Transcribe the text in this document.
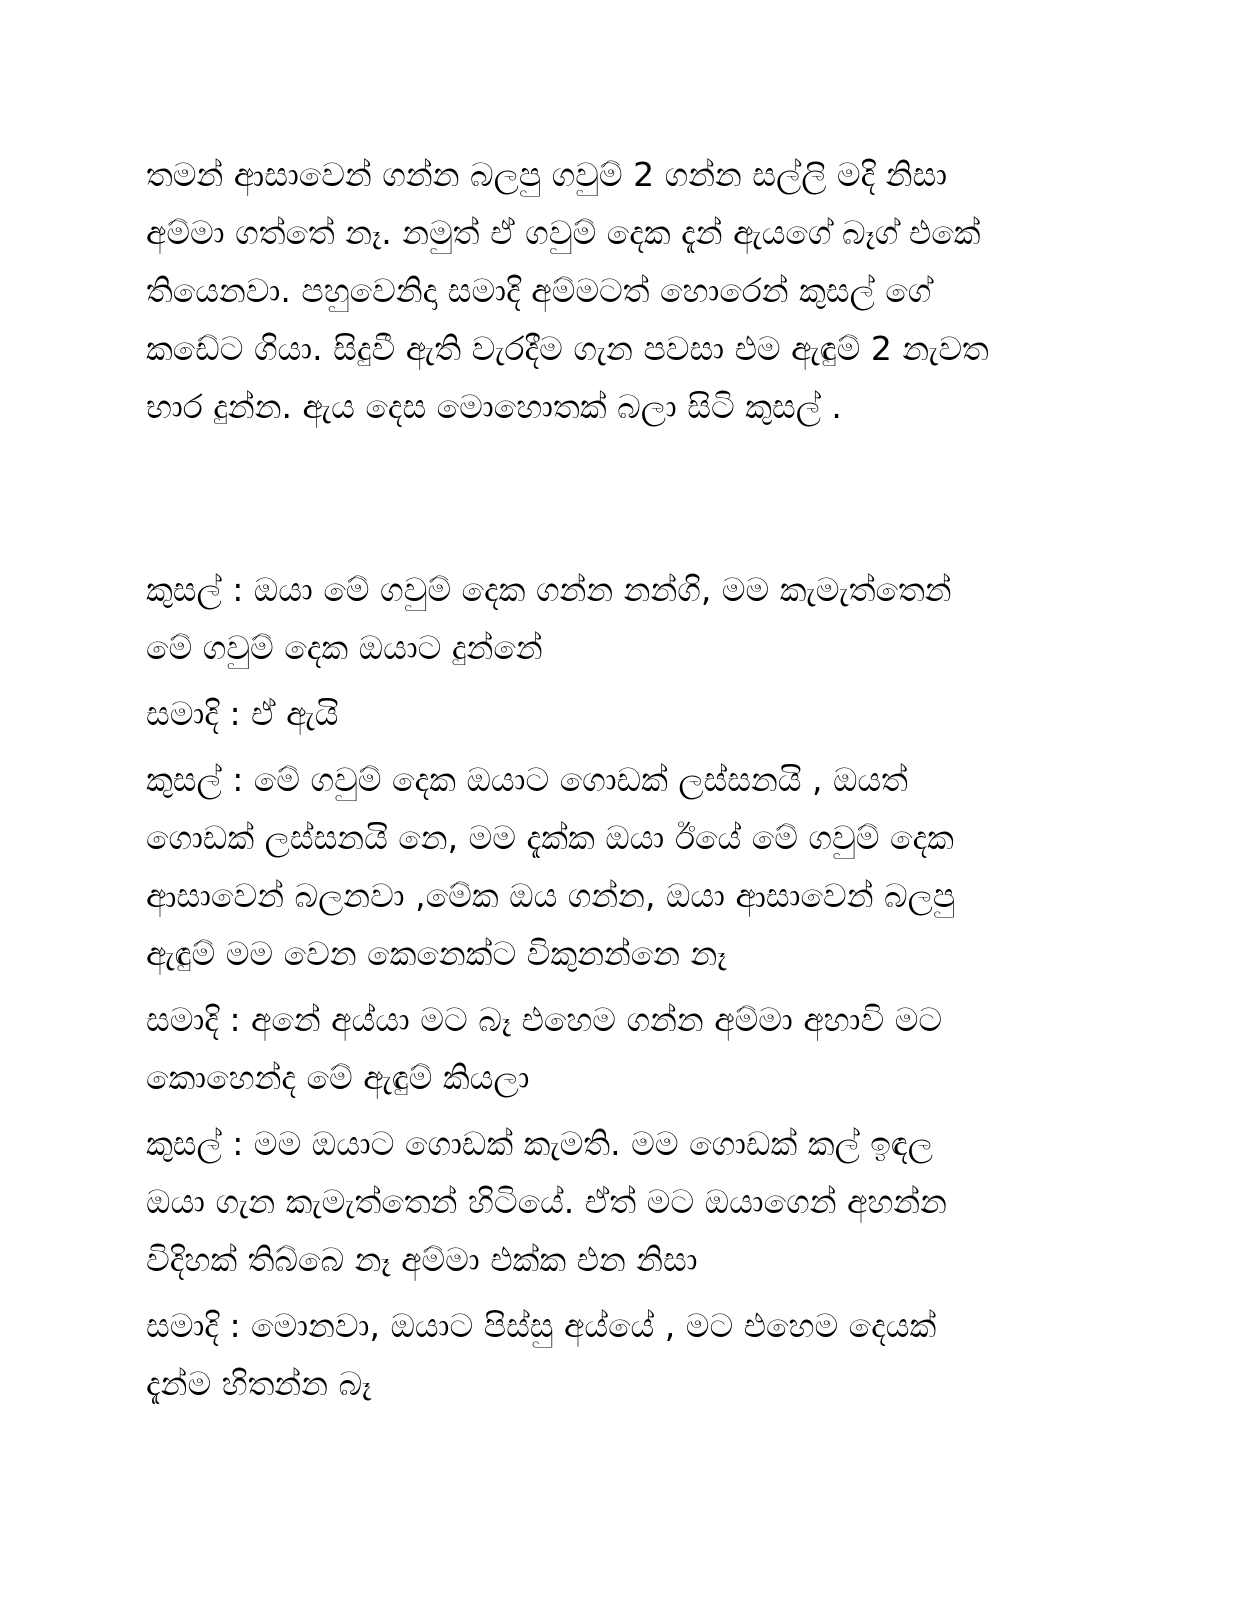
තමන් ආසාවෙන් ගන්න බලපු ගවුම් 2 ගන්න සල්ලි මදි නිසා

අම්මා ගත්තේ නෑ. නමුත් ඒ ගවුම් දෙක දැන් ඇයගේ බෑග් එකේ

තියෙනවා. පහුවෙනිදා සමාදි අම්මටත් හොරෙන් කුසල් ගේ

කඩේට ගියා. සිදුවී ඇති වැරදීම ගැන පවසා එම ඇඳුම් 2 නැවත

භාර දුන්න. ඇය දෙස මොහොතක් බලා සිටි කුසල් .

කුසල් : ඔයා මේ ගවුම් දෙක ගන්න නන්ගි, මම කැමැත්තෙන්

මේ ගවුම් දෙක ඔයාට දුන්නේ

සමාදි : ඒ ඇයි

කුසල් : මේ ගවුම් දෙක ඔයාට ගොඩක් ලස්සනයි , ඔයත්

ගොඩක් ලස්සනයි නෙ, මම දැක්ක ඔයා ඊයේ මේ ගවුම් දෙක

ආසාවෙන් බලනවා ,මේක ඔය ගන්න, ඔයා ආසාවෙන් බලපු

ඇඳුම් මම වෙන කෙනෙක්ට විකුනන්නෙ නෑ

සමාදි : අනේ අය්යා මට බෑ එහෙම ගන්න අම්මා අහාවි මට

කොහෙන්ද මේ ඇඳුම් කියලා

කුසල් : මම ඔයාට ගොඩක් කැමති. මම ගොඩක් කල් ඉඳල

ඔයා ගැන කැමැත්තෙන් හිටියේ. ඒත් මට ඔයාගෙන් අහන්න

විදිහක් තිබ්බෙ නෑ අම්මා එක්ක එන නිසා

සමාදි : මොනවා, ඔයාට පිස්සු අය්යේ , මට එහෙම දෙයක්

දැන්ම හිතන්න බෑ
